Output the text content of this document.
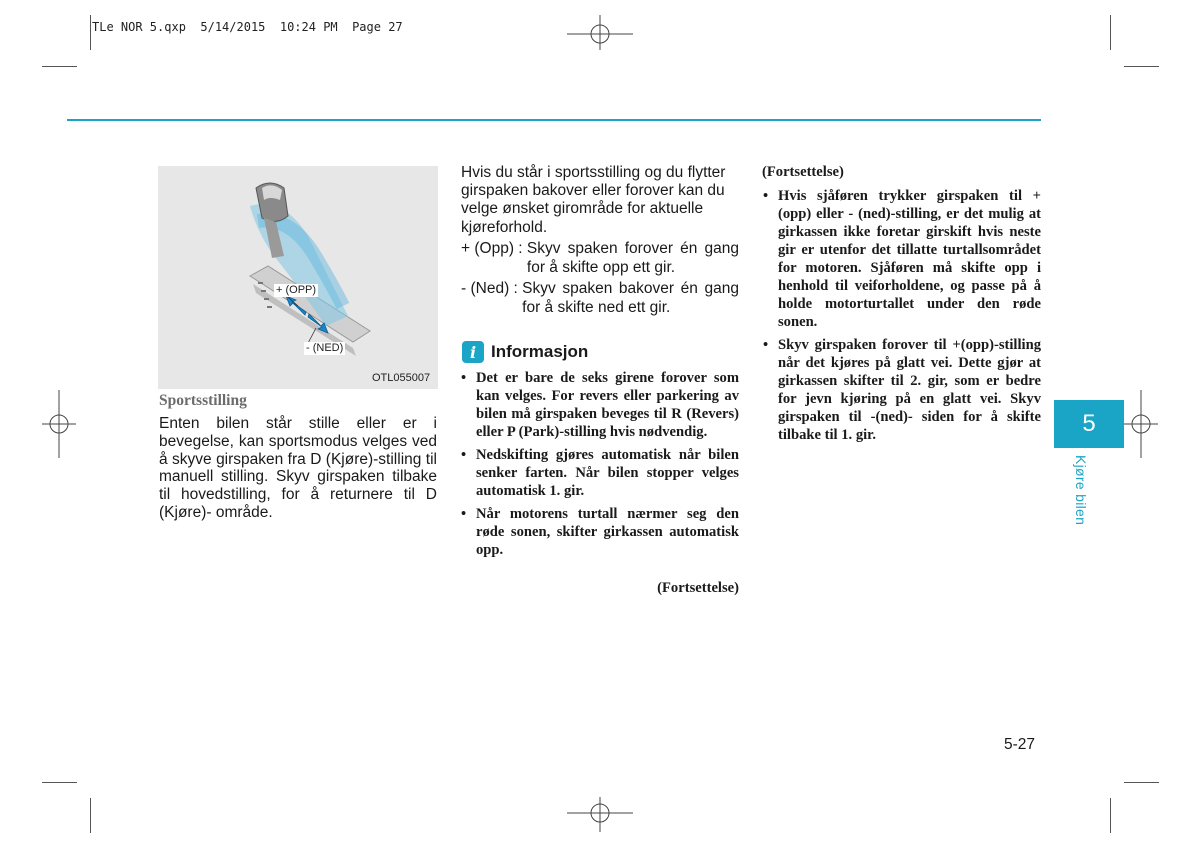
TLe NOR 5.qxp  5/14/2015  10:24 PM  Page 27
+ (OPP)
- (NED)
OTL055007
Sportsstilling
Enten bilen står stille eller er i bevegelse, kan sportsmodus velges ved å skyve girspaken fra D (Kjøre)-stilling til manuell stilling. Skyv girspaken tilbake til hovedstilling, for å returnere til D (Kjøre)- område.
Hvis du står i sportsstilling og du flytter girspaken bakover eller forover kan du velge ønsket girområde for aktuelle kjøreforhold.
+ (Opp) : Skyv spaken forover én gang for å skifte opp ett gir.
- (Ned) : Skyv spaken bakover én gang for å skifte ned ett gir.
i Informasjon
• Det er bare de seks girene forover som kan velges. For revers eller parkering av bilen må girspaken beveges til R (Revers) eller P (Park)-stilling hvis nødvendig.
• Nedskifting gjøres automatisk når bilen senker farten. Når bilen stopper velges automatisk 1. gir.
• Når motorens turtall nærmer seg den røde sonen, skifter girkassen automatisk opp.
(Fortsettelse)
(Fortsettelse)
• Hvis sjåføren trykker girspaken til + (opp) eller - (ned)-stilling, er det mulig at girkassen ikke foretar girskift hvis neste gir er utenfor det tillatte turtallsområdet for motoren. Sjåføren må skifte opp i henhold til veiforholdene, og passe på å holde motorturtallet under den røde sonen.
• Skyv girspaken forover til +(opp)-stilling når det kjøres på glatt vei. Dette gjør at girkassen skifter til 2. gir, som er bedre for jevn kjøring på en glatt vei. Skyv girspaken til -(ned)- siden for å skifte tilbake til 1. gir.	5
Kjøre bilen
5-27
